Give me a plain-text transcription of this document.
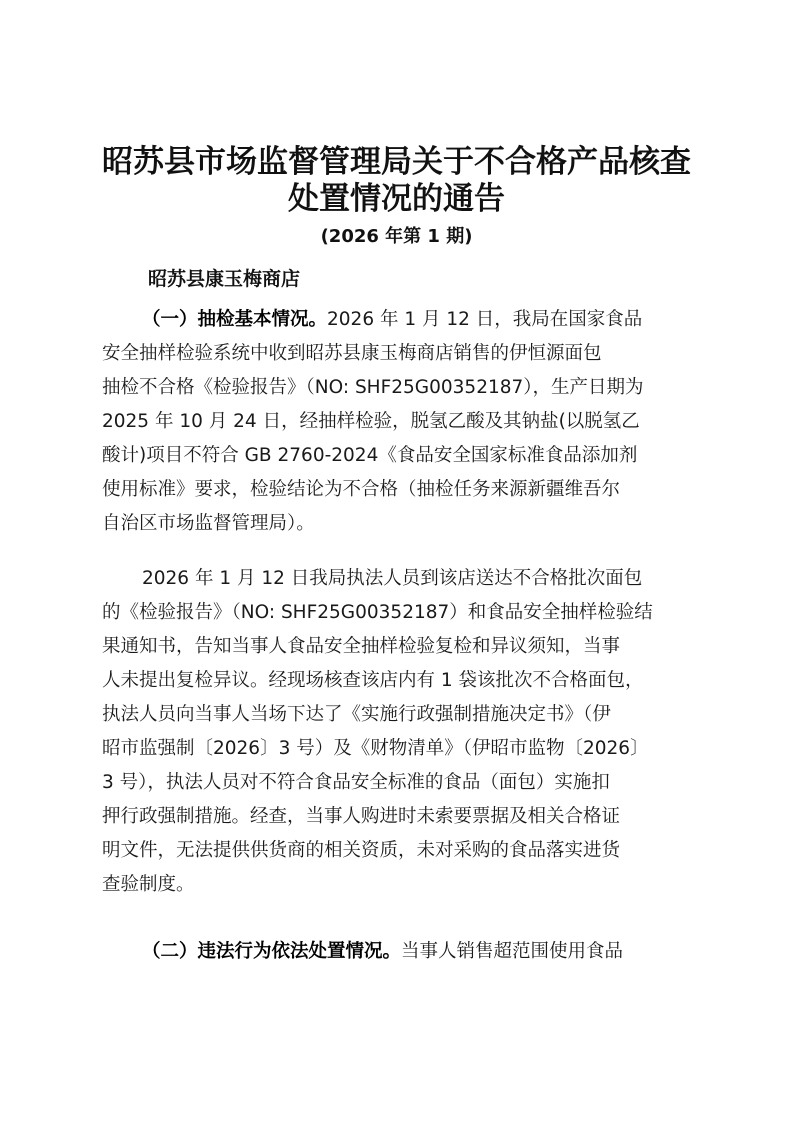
昭苏县市场监督管理局关于不合格产品核查
处置情况的通告
(2026 年第 1 期)
昭苏县康玉梅商店
（一）抽检基本情况。2026 年 1 月 12 日，我局在国家食品
安全抽样检验系统中收到昭苏县康玉梅商店销售的伊恒源面包
抽检不合格《检验报告》（NO: SHF25G00352187），生产日期为
2025 年 10 月 24 日，经抽样检验，脱氢乙酸及其钠盐(以脱氢乙
酸计)项目不符合 GB 2760-2024《食品安全国家标准食品添加剂
使用标准》要求，检验结论为不合格（抽检任务来源新疆维吾尔
自治区市场监督管理局）。
2026 年 1 月 12 日我局执法人员到该店送达不合格批次面包
的《检验报告》（NO: SHF25G00352187）和食品安全抽样检验结
果通知书，告知当事人食品安全抽样检验复检和异议须知，当事
人未提出复检异议。经现场核查该店内有 1 袋该批次不合格面包，
执法人员向当事人当场下达了《实施行政强制措施决定书》（伊
昭市监强制〔2026〕3 号）及《财物清单》（伊昭市监物〔2026〕
3 号），执法人员对不符合食品安全标准的食品（面包）实施扣
押行政强制措施。经查，当事人购进时未索要票据及相关合格证
明文件，无法提供供货商的相关资质，未对采购的食品落实进货
查验制度。
（二）违法行为依法处置情况。当事人销售超范围使用食品
